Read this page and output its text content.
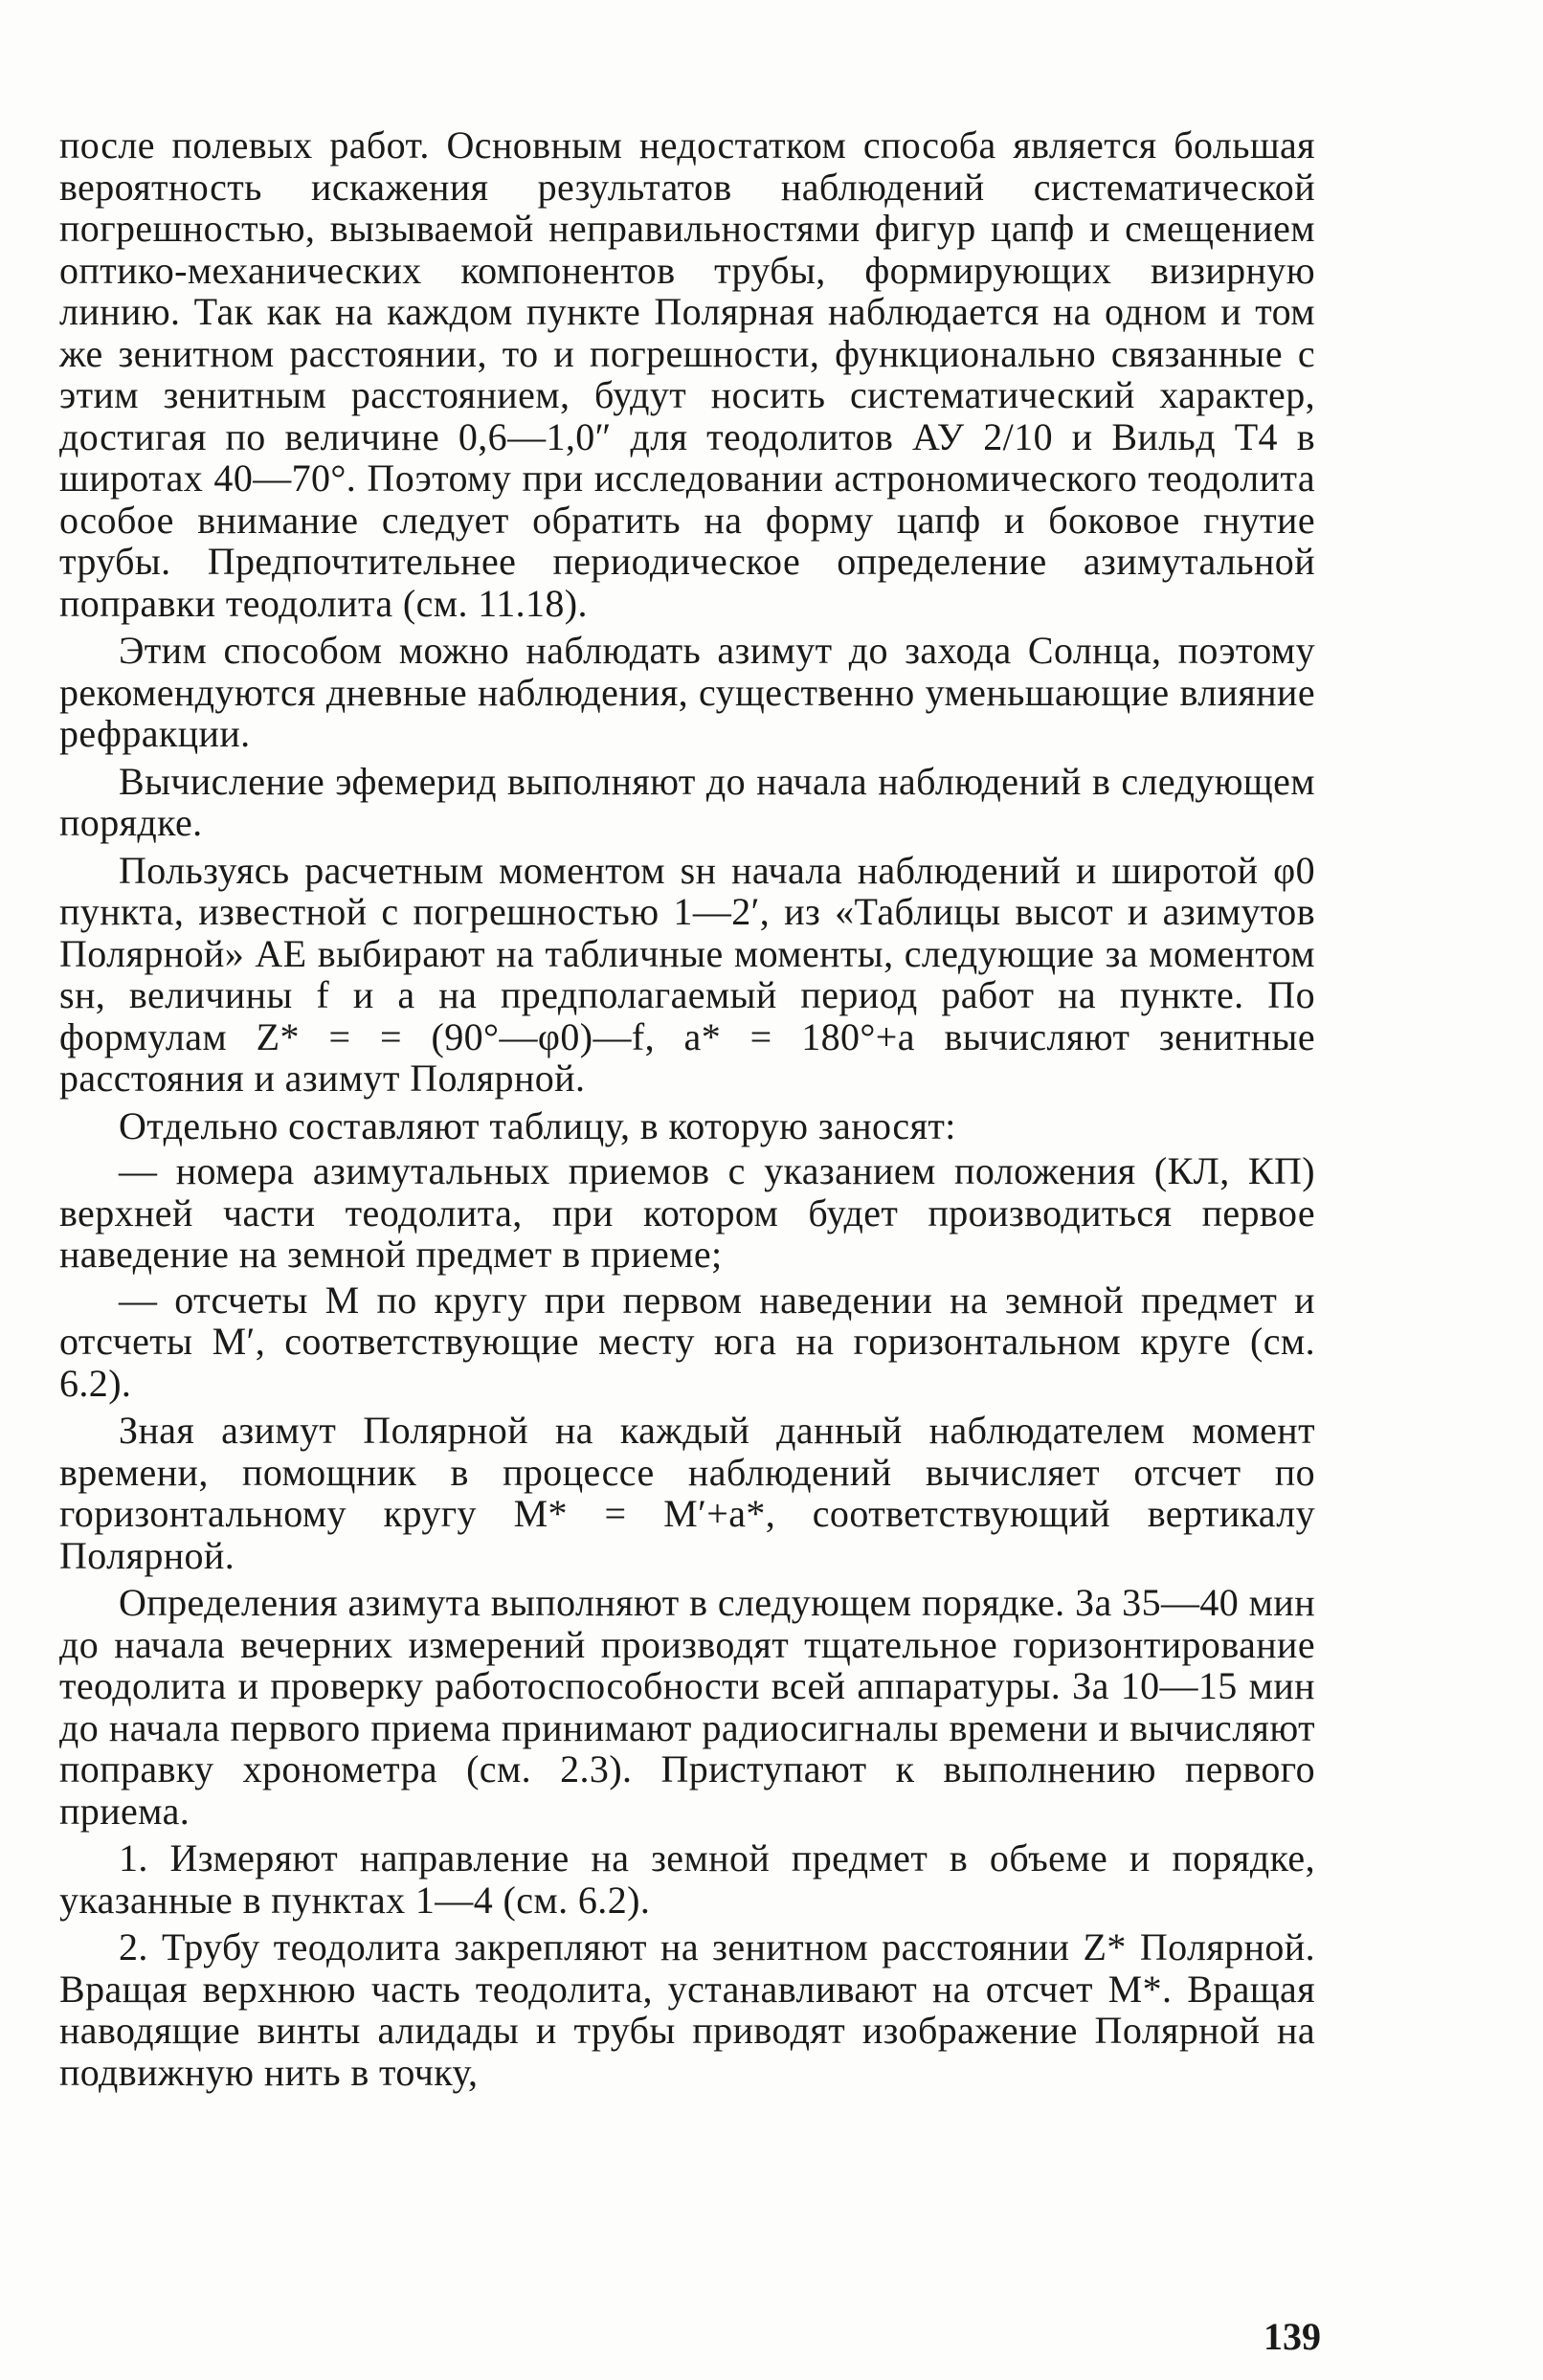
после полевых работ. Основным недостатком способа является большая вероятность искажения результатов наблюдений систематической погрешностью, вызываемой неправильностями фигур цапф и смещением оптико-механических компонентов трубы, формирующих визирную линию. Так как на каждом пункте Полярная наблюдается на одном и том же зенитном расстоянии, то и погрешности, функционально связанные с этим зенитным расстоянием, будут носить систематический характер, достигая по величине 0,6—1,0″ для теодолитов АУ 2/10 и Вильд Т4 в широтах 40—70°. Поэтому при исследовании астрономического теодолита особое внимание следует обратить на форму цапф и боковое гнутие трубы. Предпочтительнее периодическое определение азимутальной поправки теодолита (см. 11.18).

Этим способом можно наблюдать азимут до захода Солнца, поэтому рекомендуются дневные наблюдения, существенно уменьшающие влияние рефракции.

Вычисление эфемерид выполняют до начала наблюдений в следующем порядке.

Пользуясь расчетным моментом sн начала наблюдений и широтой φ0 пункта, известной с погрешностью 1—2′, из «Таблицы высот и азимутов Полярной» АЕ выбирают на табличные моменты, следующие за моментом sн, величины f и a на предполагаемый период работ на пункте. По формулам Z* = = (90°—φ0)—f, a* = 180°+a вычисляют зенитные расстояния и азимут Полярной.

Отдельно составляют таблицу, в которую заносят:

— номера азимутальных приемов с указанием положения (КЛ, КП) верхней части теодолита, при котором будет производиться первое наведение на земной предмет в приеме;

— отсчеты M по кругу при первом наведении на земной предмет и отсчеты M′, соответствующие месту юга на горизонтальном круге (см. 6.2).

Зная азимут Полярной на каждый данный наблюдателем момент времени, помощник в процессе наблюдений вычисляет отсчет по горизонтальному кругу M* = M′+a*, соответствующий вертикалу Полярной.

Определения азимута выполняют в следующем порядке. За 35—40 мин до начала вечерних измерений производят тщательное горизонтирование теодолита и проверку работоспособности всей аппаратуры. За 10—15 мин до начала первого приема принимают радиосигналы времени и вычисляют поправку хронометра (см. 2.3). Приступают к выполнению первого приема.

1. Измеряют направление на земной предмет в объеме и порядке, указанные в пунктах 1—4 (см. 6.2).

2. Трубу теодолита закрепляют на зенитном расстоянии Z* Полярной. Вращая верхнюю часть теодолита, устанавливают на отсчет M*. Вращая наводящие винты алидады и трубы приводят изображение Полярной на подвижную нить в точку,

139
